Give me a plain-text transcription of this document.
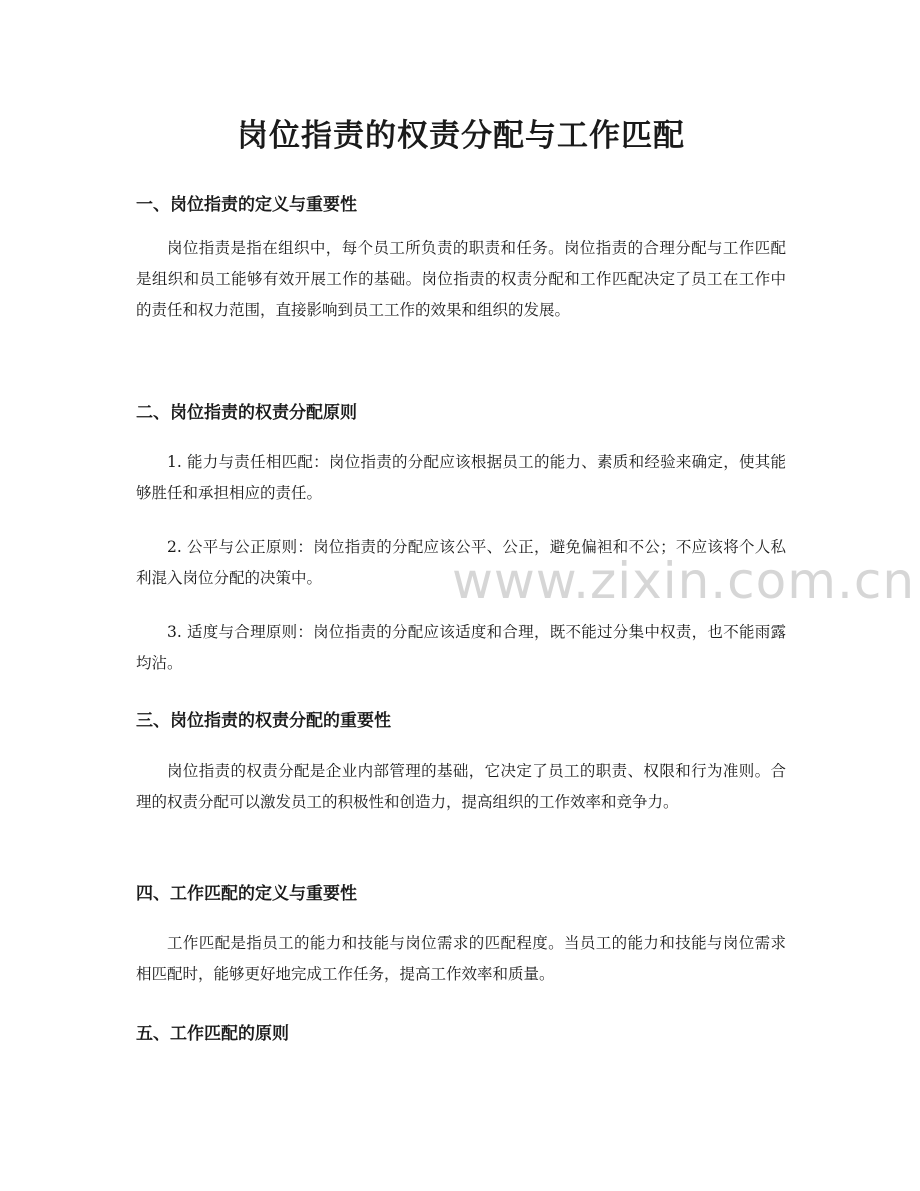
岗位指责的权责分配与工作匹配
一、岗位指责的定义与重要性

岗位指责是指在组织中，每个员工所负责的职责和任务。岗位指责的合理分配与工作匹配是组织和员工能够有效开展工作的基础。岗位指责的权责分配和工作匹配决定了员工在工作中的责任和权力范围，直接影响到员工工作的效果和组织的发展。

二、岗位指责的权责分配原则

1. 能力与责任相匹配：岗位指责的分配应该根据员工的能力、素质和经验来确定，使其能够胜任和承担相应的责任。

2. 公平与公正原则：岗位指责的分配应该公平、公正，避免偏袒和不公；不应该将个人私利混入岗位分配的决策中。

3. 适度与合理原则：岗位指责的分配应该适度和合理，既不能过分集中权责，也不能雨露均沾。

三、岗位指责的权责分配的重要性

岗位指责的权责分配是企业内部管理的基础，它决定了员工的职责、权限和行为准则。合理的权责分配可以激发员工的积极性和创造力，提高组织的工作效率和竞争力。

四、工作匹配的定义与重要性

工作匹配是指员工的能力和技能与岗位需求的匹配程度。当员工的能力和技能与岗位需求相匹配时，能够更好地完成工作任务，提高工作效率和质量。

五、工作匹配的原则
www.zixin.com.cn
